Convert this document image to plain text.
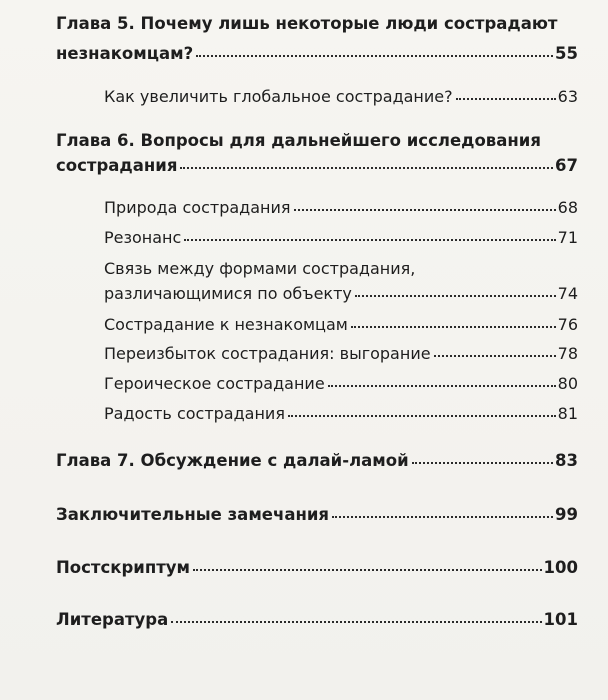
Глава 5. Почему лишь некоторые люди сострадают
незнакомцам?	55
Как увеличить глобальное сострадание?	63
Глава 6. Вопросы для дальнейшего исследования
сострадания	67
Природа сострадания	68
Резонанс	71
Связь между формами сострадания,
различающимися по объекту	74
Сострадание к незнакомцам	76
Переизбыток сострадания: выгорание	78
Героическое сострадание	80
Радость сострадания	81
Глава 7. Обсуждение с далай-ламой	83
Заключительные замечания	99
Постскриптум	100
Литература	101
